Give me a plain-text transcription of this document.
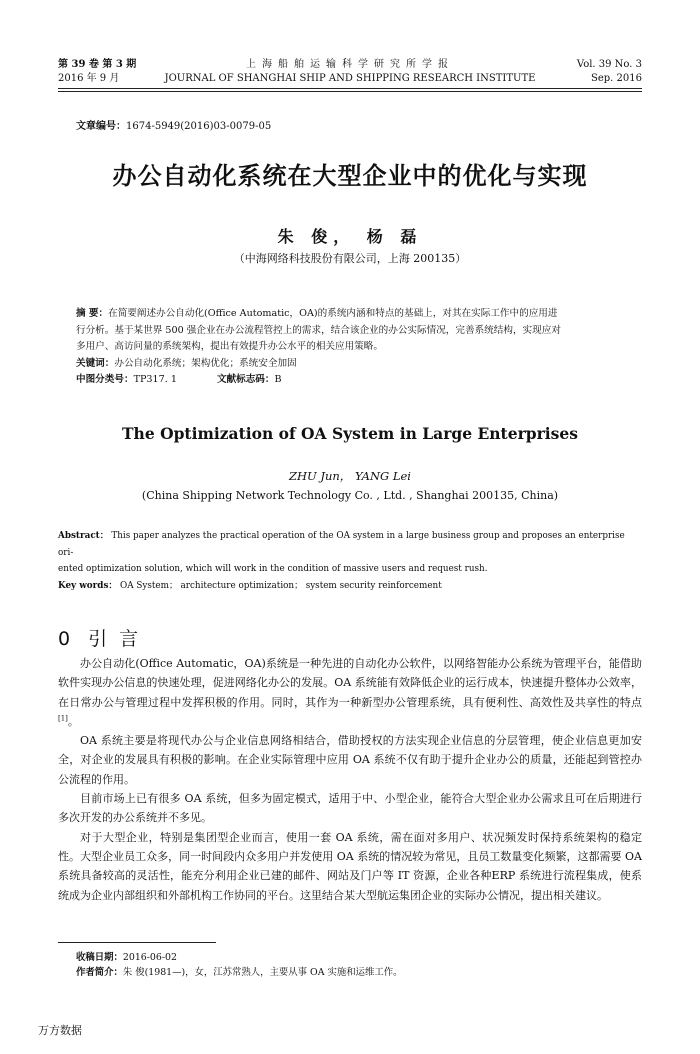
第 39 卷 第 3 期
2016 年 9 月
上海船舶运输科学研究所学报
JOURNAL OF SHANGHAI SHIP AND SHIPPING RESEARCH INSTITUTE
Vol. 39 No. 3
Sep. 2016
文章编号：1674-5949(2016)03-0079-05
办公自动化系统在大型企业中的优化与实现
朱 俊， 杨 磊
（中海网络科技股份有限公司，上海 200135）
摘 要：在简要阐述办公自动化(Office Automatic，OA)的系统内涵和特点的基础上，对其在实际工作中的应用进
行分析。基于某世界 500 强企业在办公流程管控上的需求，结合该企业的办公实际情况，完善系统结构，实现应对
多用户、高访问量的系统架构，提出有效提升办公水平的相关应用策略。
关键词：办公自动化系统；架构优化；系统安全加固
中图分类号：TP317. 1	文献标志码：B
The Optimization of OA System in Large Enterprises
ZHU Jun， YANG Lei
(China Shipping Network Technology Co. , Ltd. , Shanghai 200135, China)
Abstract： This paper analyzes the practical operation of the OA system in a large business group and proposes an enterprise ori-
ented optimization solution, which will work in the condition of massive users and request rush.
Key words： OA System； architecture optimization； system security reinforcement
0 引言

办公自动化(Office Automatic，OA)系统是一种先进的自动化办公软件，以网络智能办公系统为管理平台，能借助软件实现办公信息的快速处理，促进网络化办公的发展。OA 系统能有效降低企业的运行成本，快速提升整体办公效率，在日常办公与管理过程中发挥积极的作用。同时，其作为一种新型办公管理系统，具有便利性、高效性及共享性的特点[1]。

OA 系统主要是将现代办公与企业信息网络相结合，借助授权的方法实现企业信息的分层管理，使企业信息更加安全，对企业的发展具有积极的影响。在企业实际管理中应用 OA 系统不仅有助于提升企业办公的质量，还能起到管控办公流程的作用。

目前市场上已有很多 OA 系统，但多为固定模式，适用于中、小型企业，能符合大型企业办公需求且可在后期进行多次开发的办公系统并不多见。

对于大型企业，特别是集团型企业而言，使用一套 OA 系统，需在面对多用户、状况频发时保持系统架构的稳定性。大型企业员工众多，同一时间段内众多用户并发使用 OA 系统的情况较为常见，且员工数量变化频繁，这都需要 OA 系统具备较高的灵活性，能充分利用企业已建的邮件、网站及门户等 IT 资源，企业各种ERP 系统进行流程集成，使系统成为企业内部组织和外部机构工作协同的平台。这里结合某大型航运集团企业的实际办公情况，提出相关建议。

收稿日期：2016-06-02
作者简介：朱 俊(1981—)，女，江苏常熟人，主要从事 OA 实施和运维工作。
万方数据
